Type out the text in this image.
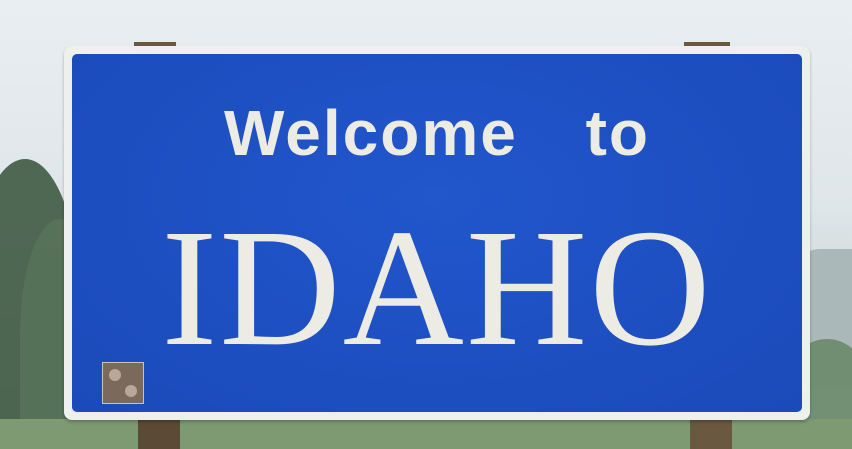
Welcome to
IDAHO
